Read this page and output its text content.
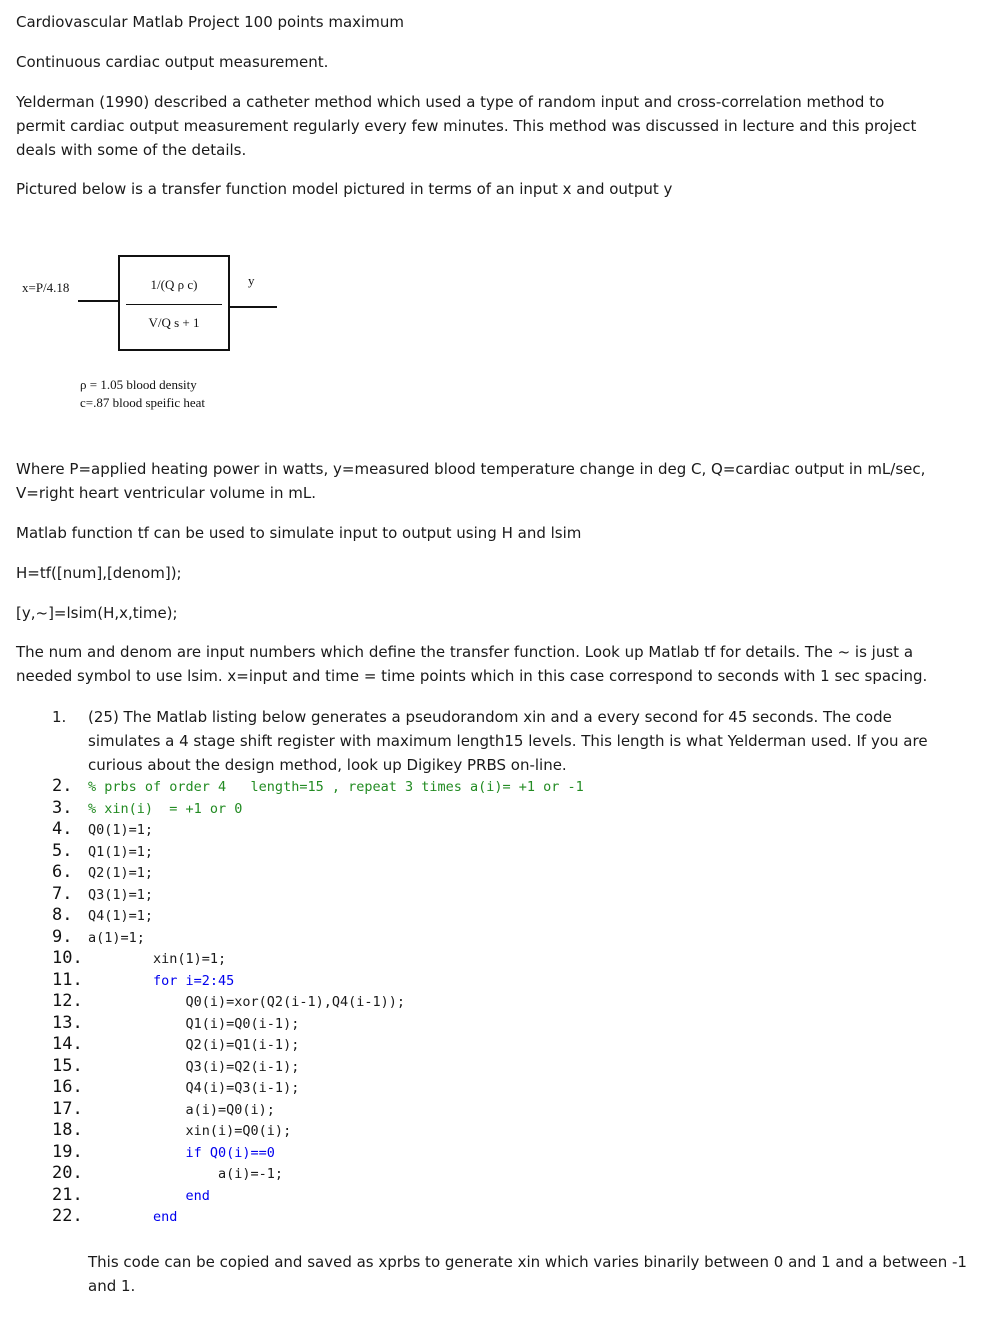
Cardiovascular Matlab Project 100 points maximum

Continuous cardiac output measurement.

Yelderman (1990) described a catheter method which used a type of random input and cross-correlation method to permit cardiac output measurement regularly every few minutes. This method was discussed in lecture and this project deals with some of the details.

Pictured below is a transfer function model pictured in terms of an input x and output y

x=P/4.18	1/(Q ρ c)
V/Q s + 1
y
ρ = 1.05 blood density
c=.87 blood speific heat

Where P=applied heating power in watts, y=measured blood temperature change in deg C, Q=cardiac output in mL/sec, V=right heart ventricular volume in mL.

Matlab function tf can be used to simulate input to output using H and lsim

H=tf([num],[denom]);

[y,~]=lsim(H,x,time);

The num and denom are input numbers which define the transfer function. Look up Matlab tf for details. The ~ is just a needed symbol to use lsim. x=input and time = time points which in this case correspond to seconds with 1 sec spacing.

1. (25) The Matlab listing below generates a pseudorandom xin and a every second for 45 seconds. The code simulates a 4 stage shift register with maximum length15 levels. This length is what Yelderman used. If you are curious about the design method, look up Digikey PRBS on-line.

2. % prbs of order 4   length=15 , repeat 3 times a(i)= +1 or -1
3. % xin(i)  = +1 or 0
4. Q0(1)=1;
5. Q1(1)=1;
6. Q2(1)=1;
7. Q3(1)=1;
8. Q4(1)=1;
9. a(1)=1;
10.        xin(1)=1;
11.        for i=2:45
12.            Q0(i)=xor(Q2(i-1),Q4(i-1));
13.            Q1(i)=Q0(i-1);
14.            Q2(i)=Q1(i-1);
15.            Q3(i)=Q2(i-1);
16.            Q4(i)=Q3(i-1);
17.            a(i)=Q0(i);
18.            xin(i)=Q0(i);
19.            if Q0(i)==0
20.                a(i)=-1;
21.            end
22.        end

This code can be copied and saved as xprbs to generate xin which varies binarily between 0 and 1 and a between -1 and 1.
